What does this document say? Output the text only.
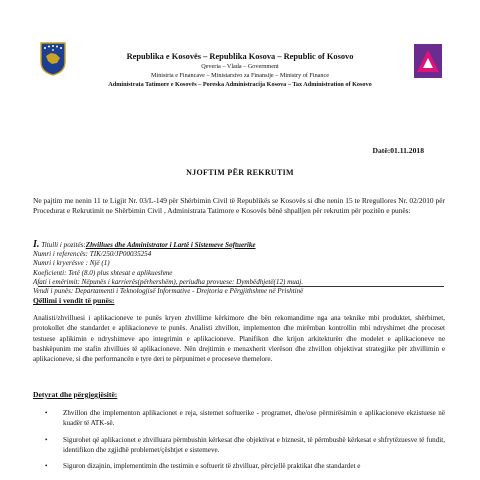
Republika e Kosovës – Republika Kosova – Republic of Kosovo
Qeveria – Vlada – Government
Ministria e Financave – Ministarstvo za Finansije – Ministry of Finance
Administrata Tatimore e Kosovës – Poreska Administracija Kosova – Tax Administration of Kosovo
Datë:01.11.2018
NJOFTIM PËR REKRUTIM
Ne pajtim me nenin 11 te Ligjit Nr. 03/L-149 për Shërbimin Civil të Republikës se Kosovës si dhe nenin 15 te Rregullores Nr. 02/2010 për Procedurat e Rekrutimit ne Shërbimin Civil , Administrata Tatimore e Kosovës bënë shpalljen për rekrutim për pozitën e punës:
I. Titulli i pozitës:Zhvillues dhe Administrator i Lartë i Sistemeve Softuerike
Numri i referencës: TIK/250/JP00035254
Numri i kryerësve : Një (1)
Koeficienti: Tetë (8.0) plus shtesat e aplikueshme
Afati i emërimit: Nëpunës i karrierës(përhershëm), periudha provuese: Dymbëdhjetë(12) muaj.
Vendi i punës: Departamenti i Teknologjisë Informative - Drejtoria e Përgjithshme në Prishtinë
Qëllimi i vendit të punës:
Analisti/zhvilluesi i aplikacioneve te punës kryen zhvillime kërkimore dhe bën rekomandime nga ana teknike mbi produktet, shërbimet, protokollet dhe standardet e aplikacioneve te punës. Analisti zhvillon, implementon dhe mirëmban kontrollin mbi ndryshimet dhe proceset testuese aplikimin e ndryshimeve apo integrimin e aplikacioneve. Planifikon dhe krijon arkitekturën dhe modelet e aplikacioneve ne bashkëpunim me stafin zhvillues të aplikacioneve. Nën drejtimin e menaxherit vlerëson dhe zhvillon objektivat strategjike për zhvillimin e aplikacioneve, si dhe performancën e tyre deri te përpunimet e proceseve themelore.
Detyrat dhe përgjegjësitë:
• Zhvillon dhe implementon aplikacionet e reja, sistemet softuerike - programet, dhe/ose përmirësimin e aplikacioneve ekzistuese në kuadër të ATK-së.
• Sigurohet që aplikacionet e zhvilluara përmbushin kërkesat dhe objektivat e biznesit, të përmbushë kërkesat e shfrytëzuesve të fundit, identifikon dhe zgjidhë problemet/çështjet e sistemeve.
• Siguron dizajnin, implementimin dhe testimin e softuerit të zhvilluar, përcjellë praktikat dhe standardet e
